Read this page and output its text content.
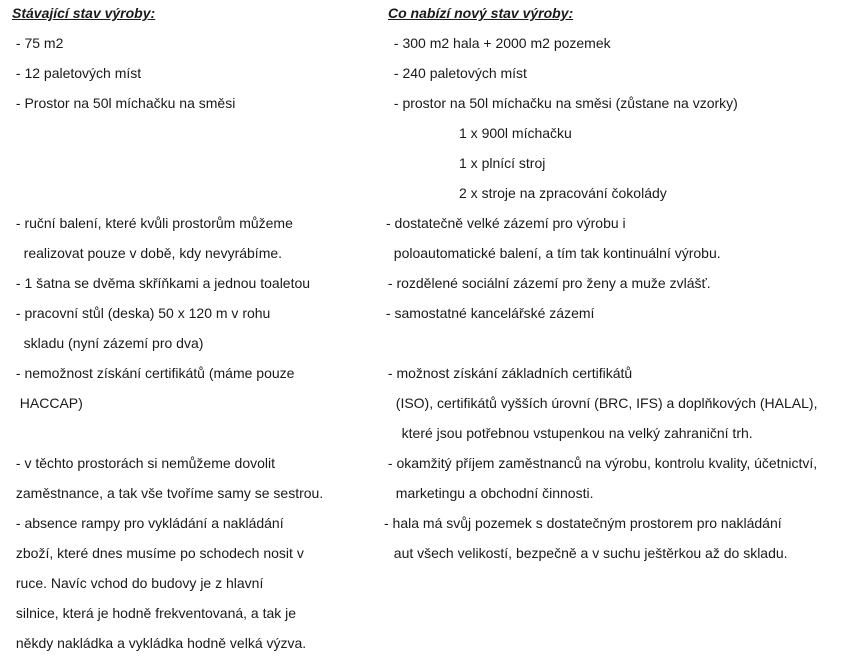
Stávající stav výroby:
- 75 m2
- 12 paletových míst
- Prostor na 50l míchačku na směsi
- ruční balení, které kvůli prostorům můžeme
realizovat pouze v době, kdy nevyrábíme.
- 1 šatna se dvěma skříňkami a jednou toaletou
- pracovní stůl (deska) 50 x 120 m v rohu
skladu (nyní zázemí pro dva)
- nemožnost získání certifikátů (máme pouze
HACCAP)
- v těchto prostorách si nemůžeme dovolit
zaměstnance, a tak vše tvoříme samy se sestrou.
- absence rampy pro vykládání a nakládání
zboží, které dnes musíme po schodech nosit v
ruce. Navíc vchod do budovy je z hlavní
silnice, která je hodně frekventovaná, a tak je
někdy nakládka a vykládka hodně velká výzva.
Co nabízí nový stav výroby:
- 300 m2 hala + 2000 m2 pozemek
- 240 paletových míst
- prostor na 50l míchačku na směsi (zůstane na vzorky)
1 x 900l míchačku
1 x plnící stroj
2 x stroje na zpracování čokolády
- dostatečně velké zázemí pro výrobu i
poloautomatické balení, a tím tak kontinuální výrobu.
- rozdělené sociální zázemí pro ženy a muže zvlášť.
- samostatné kancelářské zázemí
- možnost získání základních certifikátů
(ISO), certifikátů vyšších úrovní (BRC, IFS) a doplňkových (HALAL),
které jsou potřebnou vstupenkou na velký zahraniční trh.
- okamžitý příjem zaměstnanců na výrobu, kontrolu kvality, účetnictví,
marketingu a obchodní činnosti.
- hala má svůj pozemek s dostatečným prostorem pro nakládání
aut všech velikostí, bezpečně a v suchu ještěrkou až do skladu.
